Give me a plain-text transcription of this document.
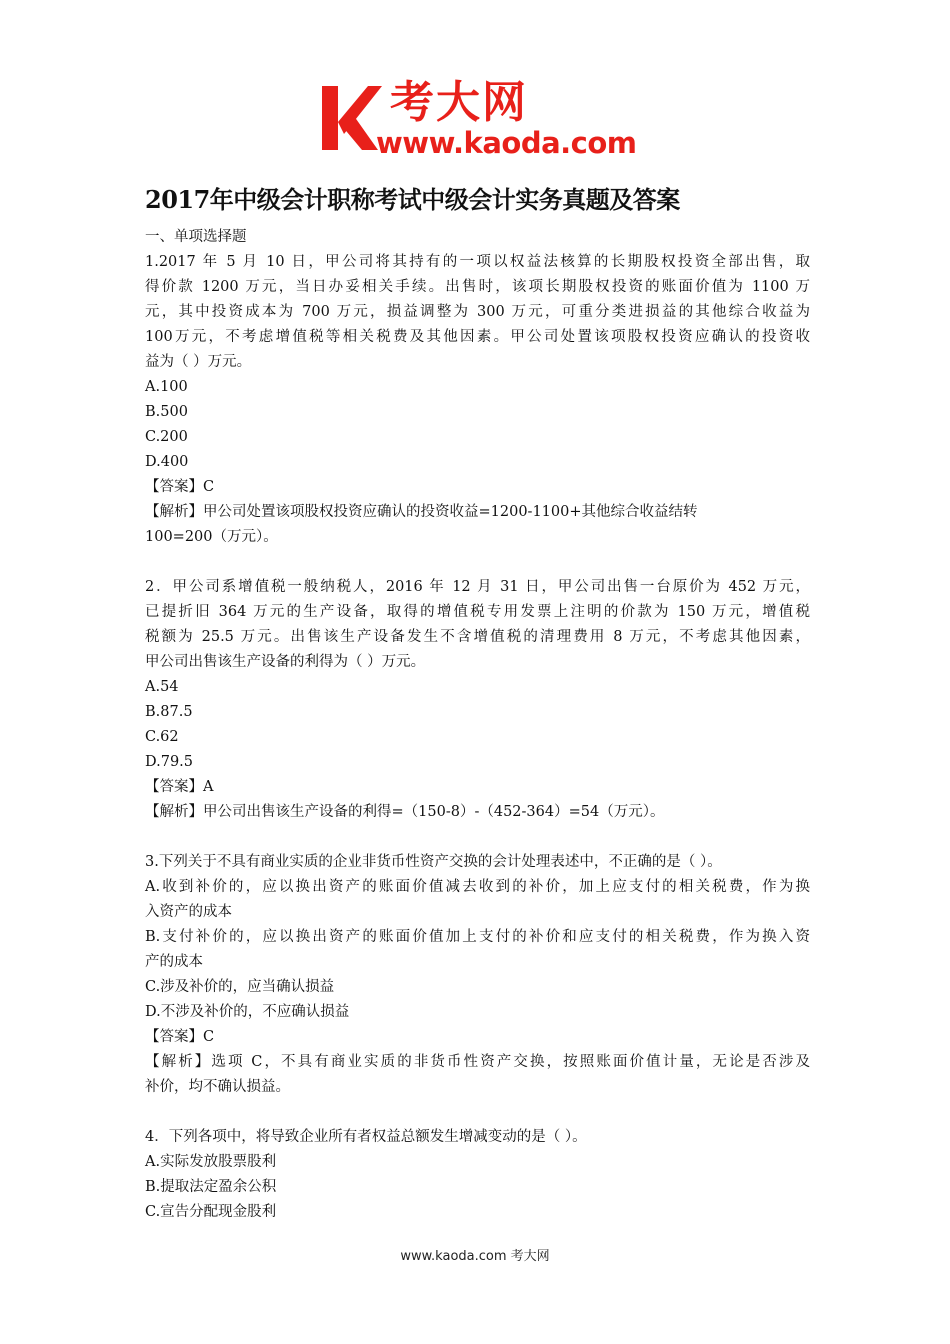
考大网
www.kaoda.com
2017年中级会计职称考试中级会计实务真题及答案
一、单项选择题
1.2017 年 5 月 10 日，甲公司将其持有的一项以权益法核算的长期股权投资全部出售，取
得价款 1200 万元，当日办妥相关手续。出售时，该项长期股权投资的账面价值为 1100 万
元，其中投资成本为 700 万元，损益调整为 300 万元，可重分类进损益的其他综合收益为
100万元，不考虑增值税等相关税费及其他因素。甲公司处置该项股权投资应确认的投资收
益为（ ）万元。
A.100
B.500
C.200
D.400
【答案】C
【解析】甲公司处置该项股权投资应确认的投资收益=1200-1100+其他综合收益结转
100=200（万元）。
2．甲公司系增值税一般纳税人，2016 年 12 月 31 日，甲公司出售一台原价为 452 万元，
已提折旧 364 万元的生产设备，取得的增值税专用发票上注明的价款为 150 万元，增值税
税额为 25.5 万元。出售该生产设备发生不含增值税的清理费用 8 万元，不考虑其他因素，
甲公司出售该生产设备的利得为（ ）万元。
A.54
B.87.5
C.62
D.79.5
【答案】A
【解析】甲公司出售该生产设备的利得=（150-8）-（452-364）=54（万元）。
3.下列关于不具有商业实质的企业非货币性资产交换的会计处理表述中，不正确的是（ ）。
A.收到补价的，应以换出资产的账面价值减去收到的补价，加上应支付的相关税费，作为换
入资产的成本
B.支付补价的，应以换出资产的账面价值加上支付的补价和应支付的相关税费，作为换入资
产的成本
C.涉及补价的，应当确认损益
D.不涉及补价的，不应确认损益
【答案】C
【解析】选项 C，不具有商业实质的非货币性资产交换，按照账面价值计量，无论是否涉及
补价，均不确认损益。
4．下列各项中，将导致企业所有者权益总额发生增减变动的是（ ）。
A.实际发放股票股利
B.提取法定盈余公积
C.宣告分配现金股利
www.kaoda.com 考大网
